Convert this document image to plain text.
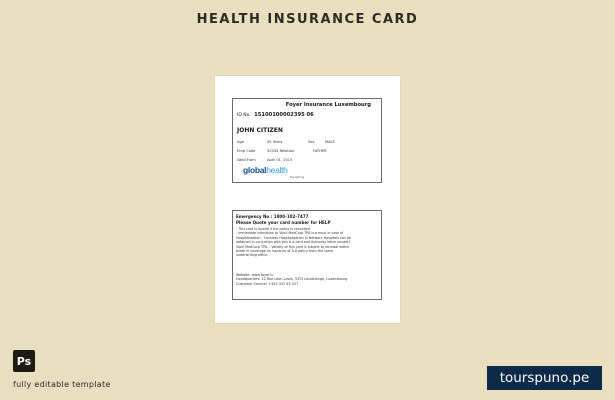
HEALTH INSURANCE CARD
Foyer Insurance Luxembourg
ID No. 15100100002395 06
JOHN CITIZEN
Age	45 Years	Sex	MALE
Emp Code	52034 Relation	FATHER
Valid From	April 01, 2015
globalhealth
Everything
Emergency No : 1800-102-7477
Please Quote your card number for HELP
- This card is invalid if the policy is cancelled.
- Immediate intimation to Vipul MedCorp TPA is a must in case of
Hospitalization - Cashless Hospitalization in Network Hospitals can be
obtained in conjuction with this Ã Ã card and Authority letter issued t
Vipul MedCorp TPA. - Validity of this card is subject to renewal within
break in coverage on issuance of Ã Ã policy from the same
underwriting office.
Website: www.foyer.lu
Headquarters: 12 Rue Léon Laval, 3372 Leudelange, Luxembourg
Customer Service: +352 437 43 437
Ps
fully editable template	tourspuno.pe
